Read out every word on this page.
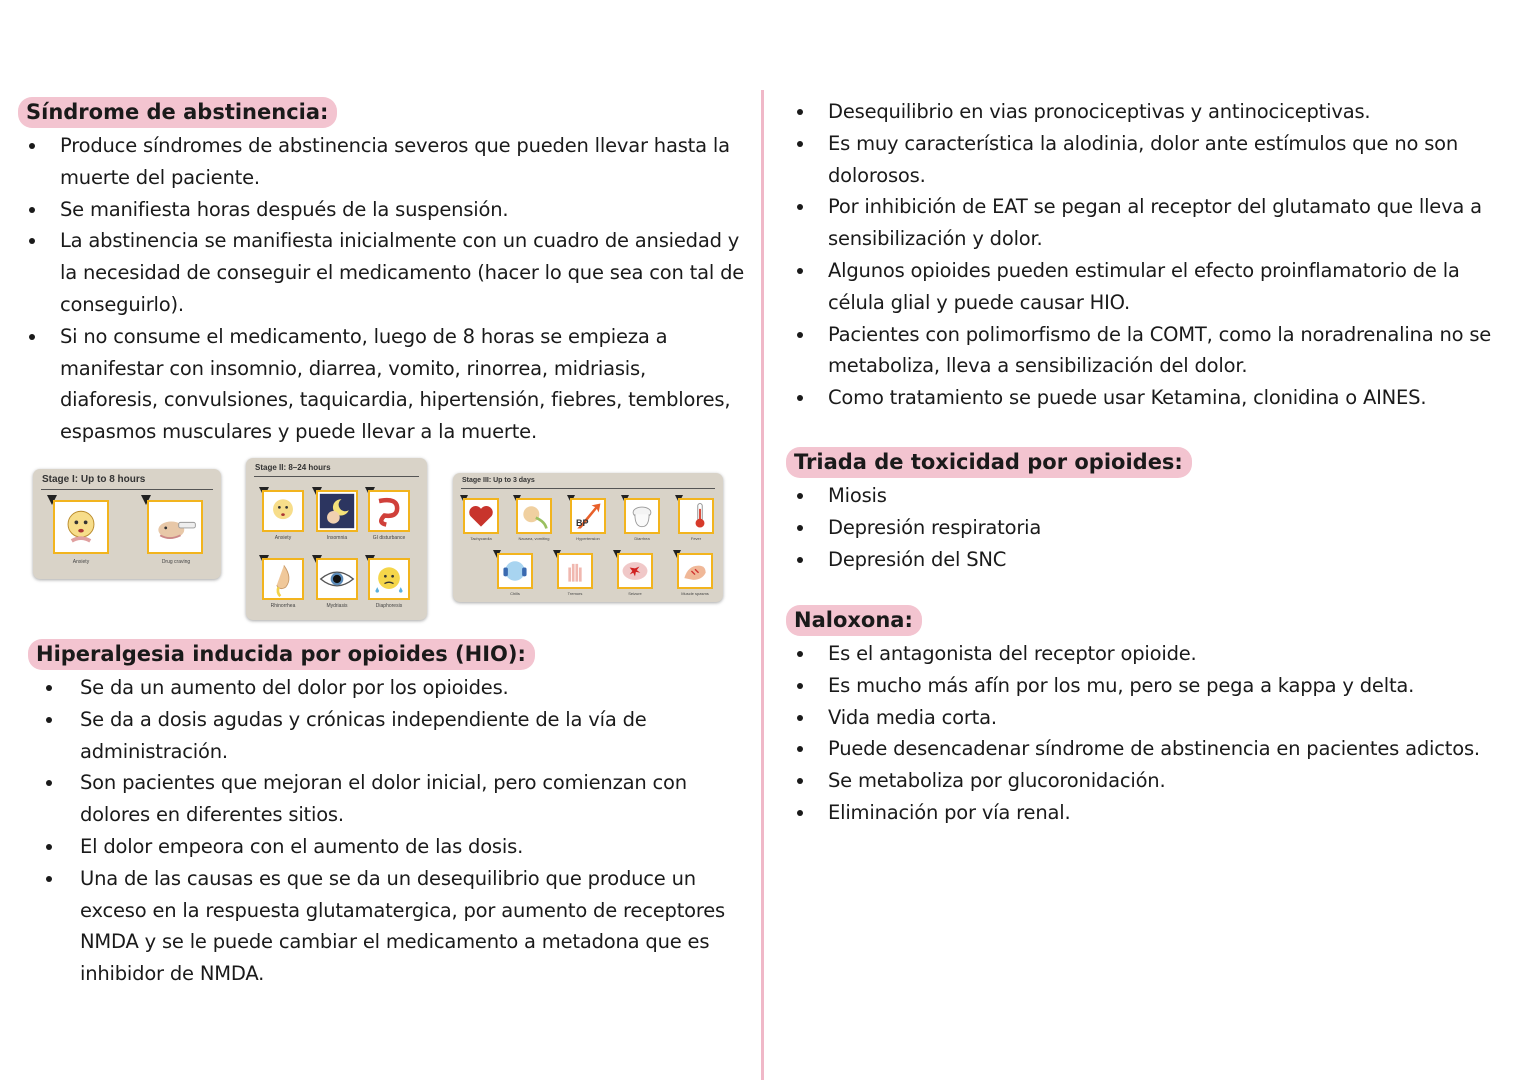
Síndrome de abstinencia:
Produce síndromes de abstinencia severos que pueden llevar hasta la muerte del paciente.
Se manifiesta horas después de la suspensión.
La abstinencia se manifiesta inicialmente con un cuadro de ansiedad y la necesidad de conseguir el medicamento (hacer lo que sea con tal de conseguirlo).
Si no consume el medicamento, luego de 8 horas se empieza a manifestar con insomnio, diarrea, vomito, rinorrea, midriasis, diaforesis, convulsiones, taquicardia, hipertensión, fiebres, temblores, espasmos musculares y puede llevar a la muerte.
Stage I: Up to 8 hours
Anxiety	Drug craving
Stage II: 8–24 hours
Anxiety	Insomnia	GI disturbance
Rhinorrhea	Mydriasis	Diaphoresis
Stage III: Up to 3 days
Tachycardia	Nausea, vomiting
BP
Hypertension	Diarrhea	Fever
Chills	Tremors	Seizure	Muscle spasms
Hiperalgesia inducida por opioides (HIO):
Se da un aumento del dolor por los opioides.
Se da a dosis agudas y crónicas independiente de la vía de administración.
Son pacientes que mejoran el dolor inicial, pero comienzan con dolores en diferentes sitios.
El dolor empeora con el aumento de las dosis.
Una de las causas es que se da un desequilibrio que produce un exceso en la respuesta glutamatergica, por aumento de receptores NMDA y se le puede cambiar el medicamento a metadona que es inhibidor de NMDA.
Desequilibrio en vias pronociceptivas y antinociceptivas.
Es muy característica la alodinia, dolor ante estímulos que no son dolorosos.
Por inhibición de EAT se pegan al receptor del glutamato que lleva a sensibilización y dolor.
Algunos opioides pueden estimular el efecto proinflamatorio de la célula glial y puede causar HIO.
Pacientes con polimorfismo de la COMT, como la noradrenalina no se metaboliza, lleva a sensibilización del dolor.
Como tratamiento se puede usar Ketamina, clonidina o AINES.
Triada de toxicidad por opioides:
Miosis
Depresión respiratoria
Depresión del SNC
Naloxona:
Es el antagonista del receptor opioide.
Es mucho más afín por los mu, pero se pega a kappa y delta.
Vida media corta.
Puede desencadenar síndrome de abstinencia en pacientes adictos.
Se metaboliza por glucoronidación.
Eliminación por vía renal.
